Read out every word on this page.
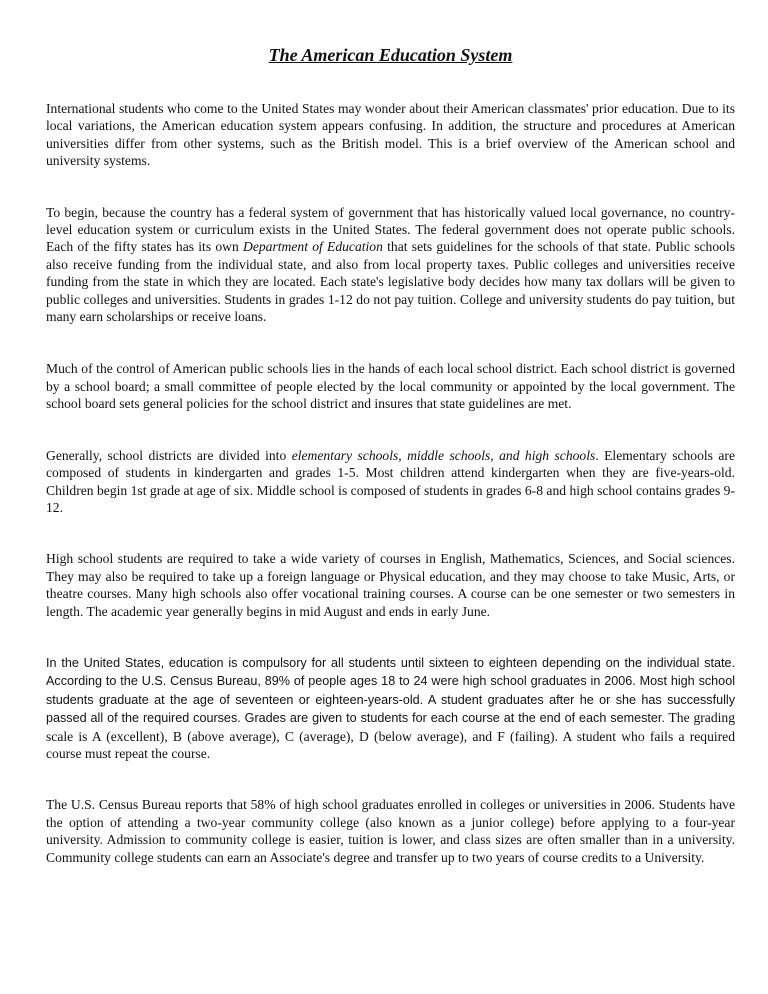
The American Education System

International students who come to the United States may wonder about their American classmates' prior education. Due to its local variations, the American education system appears confusing. In addition, the structure and procedures at American universities differ from other systems, such as the British model. This is a brief overview of the American school and university systems.

To begin, because the country has a federal system of government that has historically valued local governance, no country-level education system or curriculum exists in the United States. The federal government does not operate public schools. Each of the fifty states has its own Department of Education that sets guidelines for the schools of that state. Public schools also receive funding from the individual state, and also from local property taxes. Public colleges and universities receive funding from the state in which they are located. Each state's legislative body decides how many tax dollars will be given to public colleges and universities. Students in grades 1-12 do not pay tuition. College and university students do pay tuition, but many earn scholarships or receive loans.

Much of the control of American public schools lies in the hands of each local school district. Each school district is governed by a school board; a small committee of people elected by the local community or appointed by the local government. The school board sets general policies for the school district and insures that state guidelines are met.

Generally, school districts are divided into elementary schools, middle schools, and high schools. Elementary schools are composed of students in kindergarten and grades 1-5. Most children attend kindergarten when they are five-years-old. Children begin 1st grade at age of six. Middle school is composed of students in grades 6-8 and high school contains grades 9-12.

High school students are required to take a wide variety of courses in English, Mathematics, Sciences, and Social sciences. They may also be required to take up a foreign language or Physical education, and they may choose to take Music, Arts, or theatre courses. Many high schools also offer vocational training courses. A course can be one semester or two semesters in length. The academic year generally begins in mid August and ends in early June.

In the United States, education is compulsory for all students until sixteen to eighteen depending on the individual state. According to the U.S. Census Bureau, 89% of people ages 18 to 24 were high school graduates in 2006. Most high school students graduate at the age of seventeen or eighteen-years-old. A student graduates after he or she has successfully passed all of the required courses. Grades are given to students for each course at the end of each semester. The grading scale is A (excellent), B (above average), C (average), D (below average), and F (failing). A student who fails a required course must repeat the course.

The U.S. Census Bureau reports that 58% of high school graduates enrolled in colleges or universities in 2006. Students have the option of attending a two-year community college (also known as a junior college) before applying to a four-year university. Admission to community college is easier, tuition is lower, and class sizes are often smaller than in a university. Community college students can earn an Associate's degree and transfer up to two years of course credits to a University.
